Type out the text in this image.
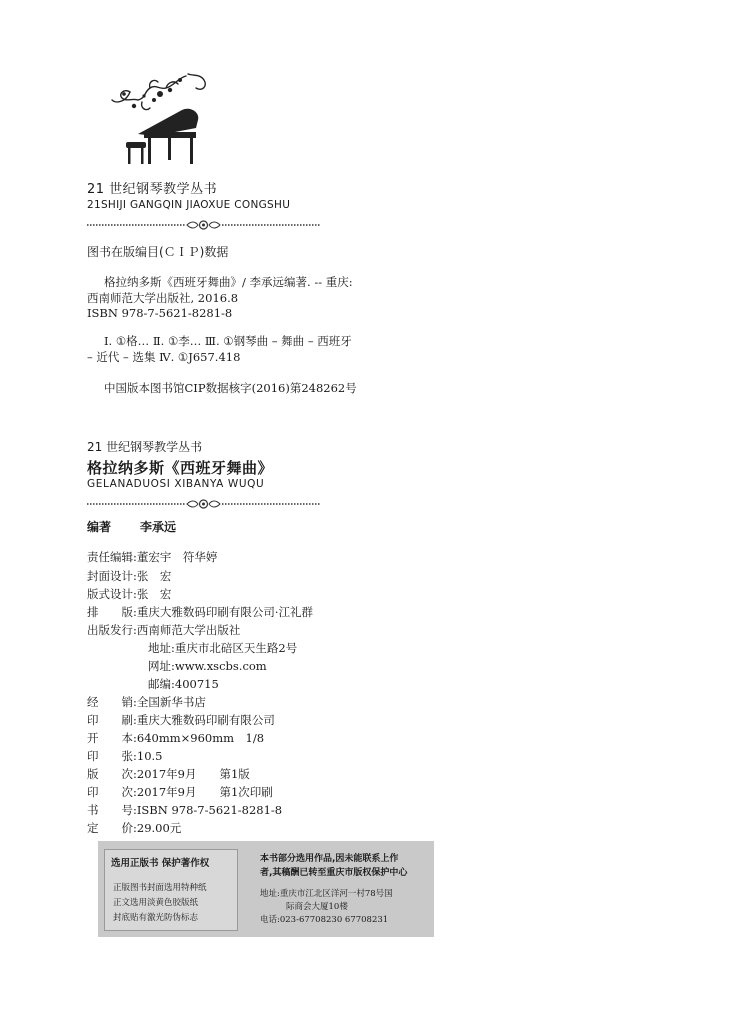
21 世纪钢琴教学丛书
21SHIJI GANGQIN JIAOXUE CONGSHU
图书在版编目(ＣＩＰ)数据
格拉纳多斯《西班牙舞曲》/ 李承远编著. -- 重庆:
西南师范大学出版社, 2016.8
ISBN 978-7-5621-8281-8
Ⅰ. ①格… Ⅱ. ①李… Ⅲ. ①钢琴曲 – 舞曲 – 西班牙
– 近代 – 选集 Ⅳ. ①J657.418
中国版本图书馆CIP数据核字(2016)第248262号
21 世纪钢琴教学丛书
格拉纳多斯《西班牙舞曲》
GELANADUOSI XIBANYA WUQU
编著 李承远
责任编辑:董宏宇　符华婷
封面设计:张　宏
版式设计:张　宏
排　　版:重庆大雅数码印刷有限公司·江礼群
出版发行:西南师范大学出版社
地址:重庆市北碚区天生路2号
网址:www.xscbs.com
邮编:400715
经　　销:全国新华书店
印　　刷:重庆大雅数码印刷有限公司
开　　本:640mm×960mm　1/8
印　　张:10.5
版　　次:2017年9月　　第1版
印　　次:2017年9月　　第1次印刷
书　　号:ISBN 978-7-5621-8281-8
定　　价:29.00元
选用正版书 保护著作权
正版图书封面选用特种纸
正文选用淡黄色胶版纸
封底贴有激光防伪标志
本书部分选用作品,因未能联系上作
者,其稿酬已转至重庆市版权保护中心
地址:重庆市江北区洋河一村78号国
际商会大厦10楼
电话:023-67708230 67708231
